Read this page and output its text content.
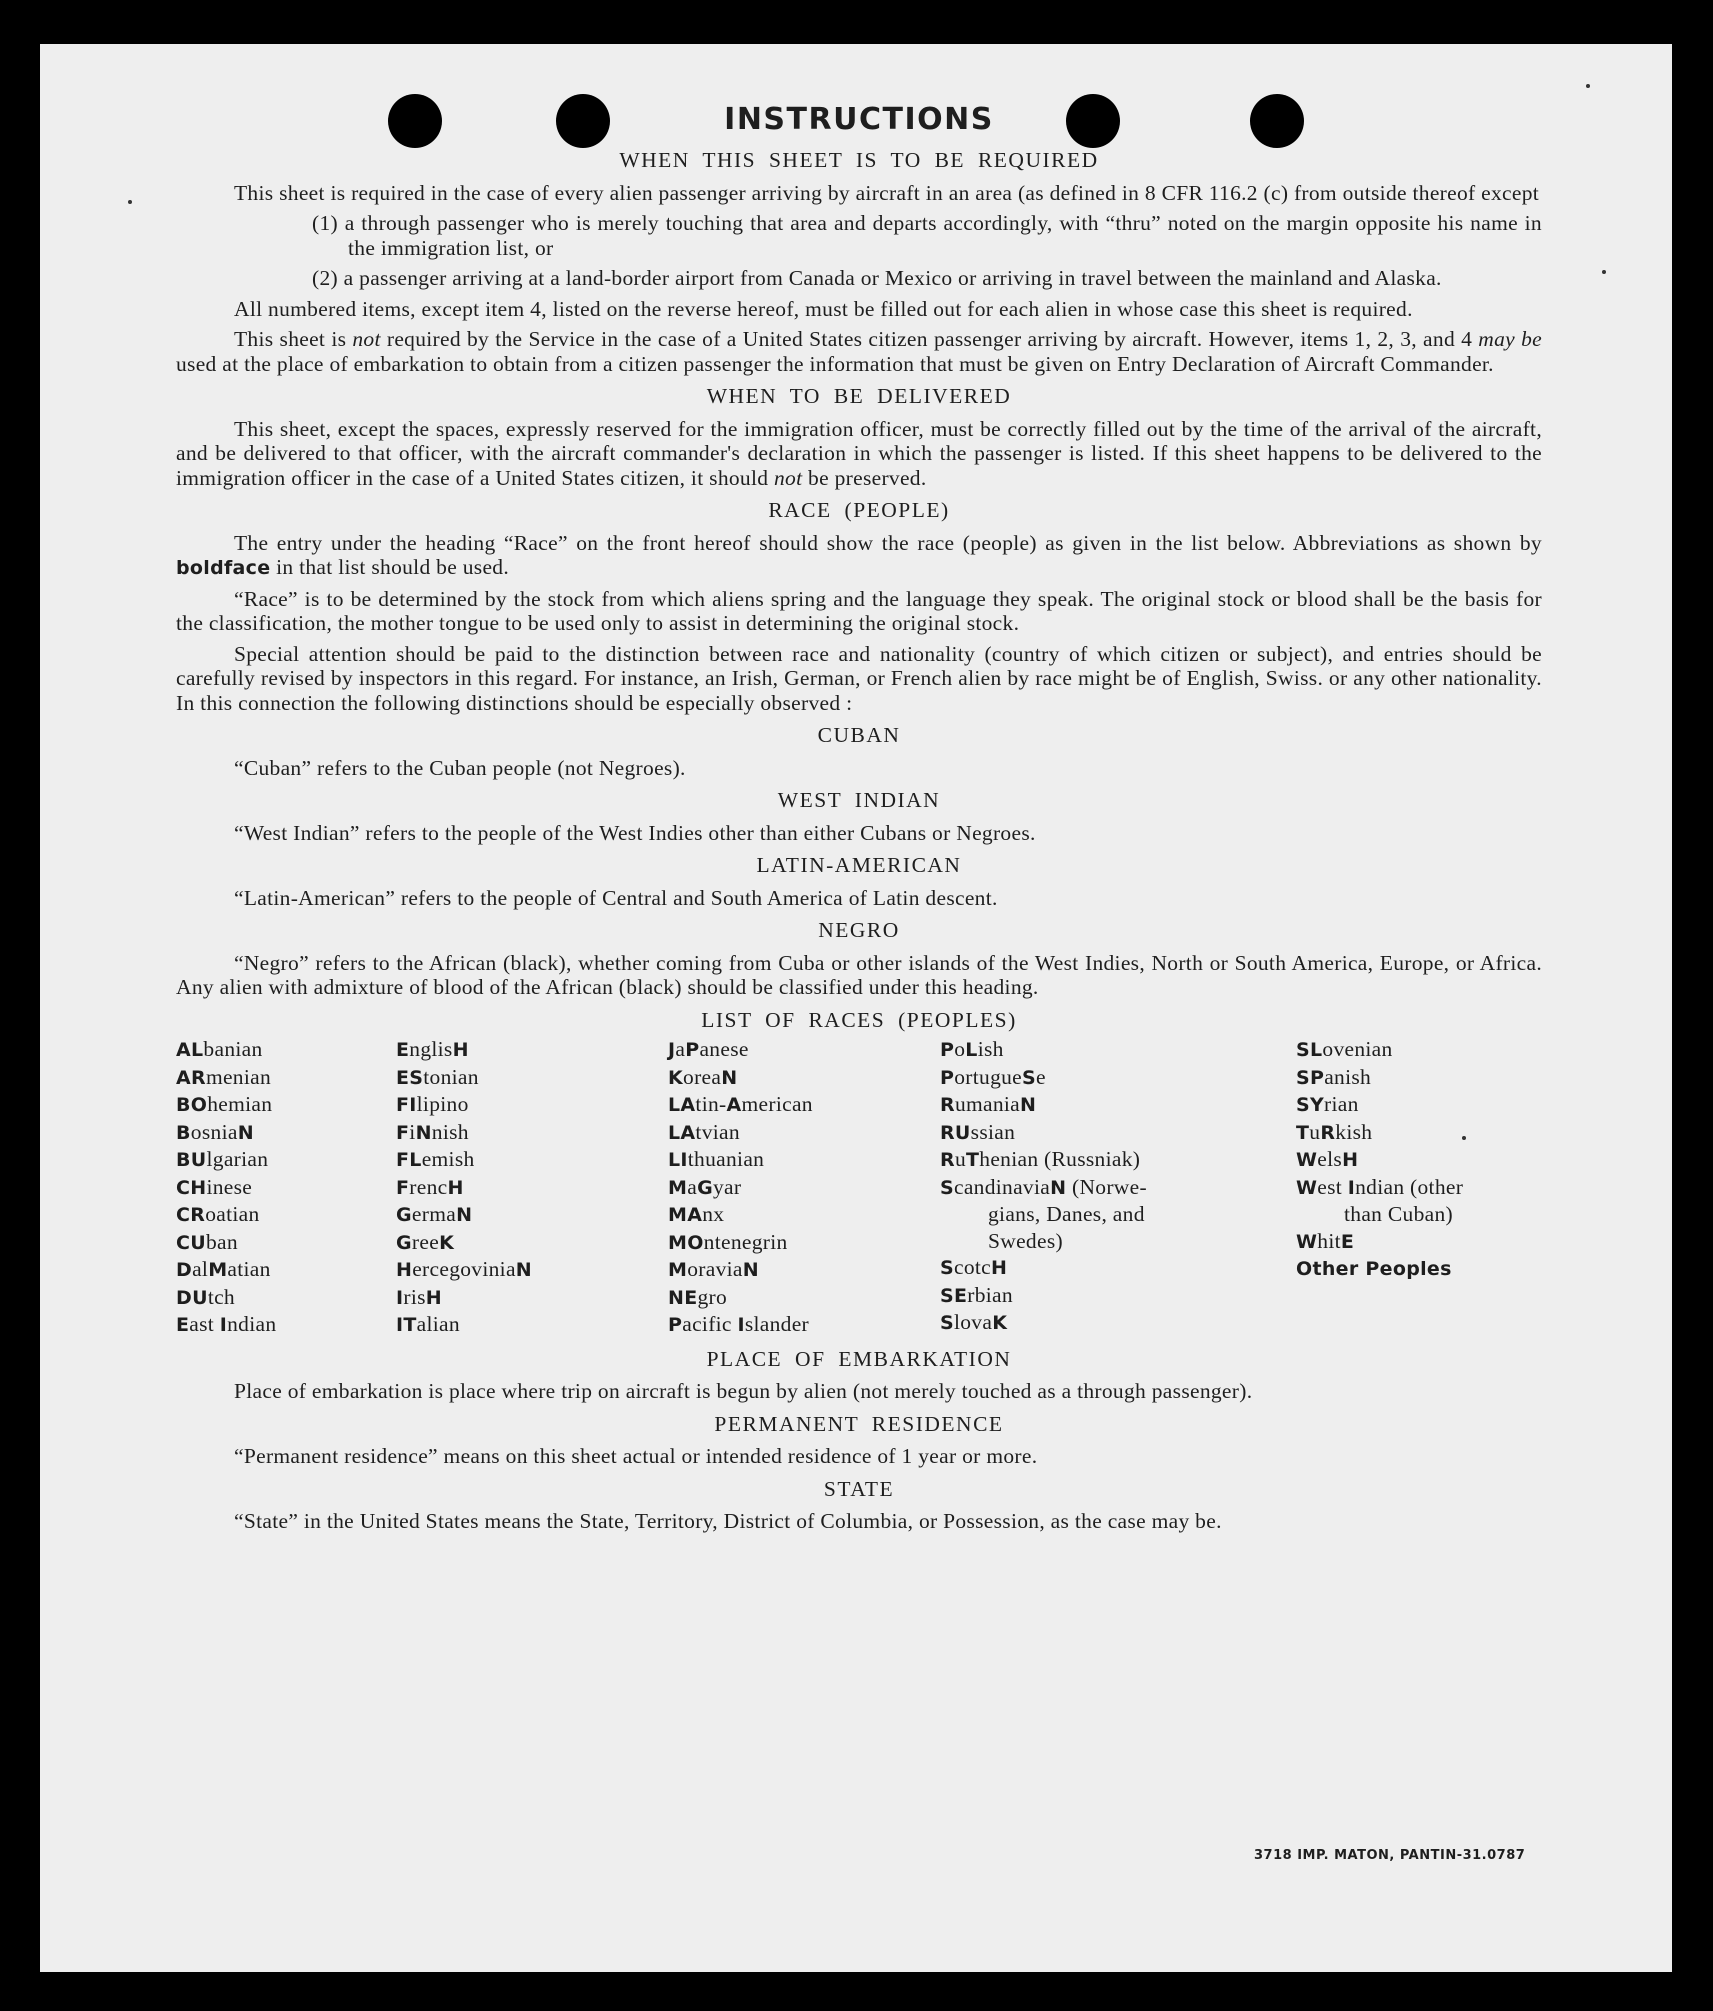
INSTRUCTIONS
WHEN THIS SHEET IS TO BE REQUIRED

This sheet is required in the case of every alien passenger arriving by aircraft in an area (as defined in 8 CFR 116.2 (c) from outside thereof except

(1) a through passenger who is merely touching that area and departs accordingly, with “thru” noted on the margin opposite his name in the immigration list, or
(2) a passenger arriving at a land-border airport from Canada or Mexico or arriving in travel between the mainland and Alaska.

All numbered items, except item 4, listed on the reverse hereof, must be filled out for each alien in whose case this sheet is required.

This sheet is not required by the Service in the case of a United States citizen passenger arriving by aircraft. However, items 1, 2, 3, and 4 may be used at the place of embarkation to obtain from a citizen passenger the information that must be given on Entry Declaration of Aircraft Commander.

WHEN TO BE DELIVERED

This sheet, except the spaces, expressly reserved for the immigration officer, must be correctly filled out by the time of the arrival of the aircraft, and be delivered to that officer, with the aircraft commander's declaration in which the passenger is listed. If this sheet happens to be delivered to the immigration officer in the case of a United States citizen, it should not be preserved.

RACE (PEOPLE)

The entry under the heading “Race” on the front hereof should show the race (people) as given in the list below. Abbreviations as shown by boldface in that list should be used.

“Race” is to be determined by the stock from which aliens spring and the language they speak. The original stock or blood shall be the basis for the classification, the mother tongue to be used only to assist in determining the original stock.

Special attention should be paid to the distinction between race and nationality (country of which citizen or subject), and entries should be carefully revised by inspectors in this regard. For instance, an Irish, German, or French alien by race might be of English, Swiss. or any other nationality. In this connection the following distinctions should be especially observed :

CUBAN

“Cuban” refers to the Cuban people (not Negroes).

WEST INDIAN

“West Indian” refers to the people of the West Indies other than either Cubans or Negroes.

LATIN-AMERICAN

“Latin-American” refers to the people of Central and South America of Latin descent.

NEGRO

“Negro” refers to the African (black), whether coming from Cuba or other islands of the West Indies, North or South America, Europe, or Africa. Any alien with admixture of blood of the African (black) should be classified under this heading.

LIST OF RACES (PEOPLES)
ALbanian
ARmenian
BOhemian
BosniaN
BUlgarian
CHinese
CRoatian
CUban
DalMatian
DUtch
East Indian
EnglisH
EStonian
FIlipino
FiNnish
FLemish
FrencH
GermaN
GreeK
HercegoviniaN
IrisH
ITalian
JaPanese
KoreaN
LAtin-American
LAtvian
LIthuanian
MaGyar
MAnx
MOntenegrin
MoraviaN
NEgro
Pacific Islander
PoLish
PortugueSe
RumaniaN
RUssian
RuThenian (Russniak)
ScandinaviaN (Norwe-
gians, Danes, and
Swedes)
ScotcH
SErbian
SlovaK
SLovenian
SPanish
SYrian
TuRkish
WelsH
West Indian (other
than Cuban)
WhitE
Other Peoples
PLACE OF EMBARKATION

Place of embarkation is place where trip on aircraft is begun by alien (not merely touched as a through passenger).

PERMANENT RESIDENCE

“Permanent residence” means on this sheet actual or intended residence of 1 year or more.

STATE

“State” in the United States means the State, Territory, District of Columbia, or Possession, as the case may be.

3718 IMP. MATON, PANTIN-31.0787
